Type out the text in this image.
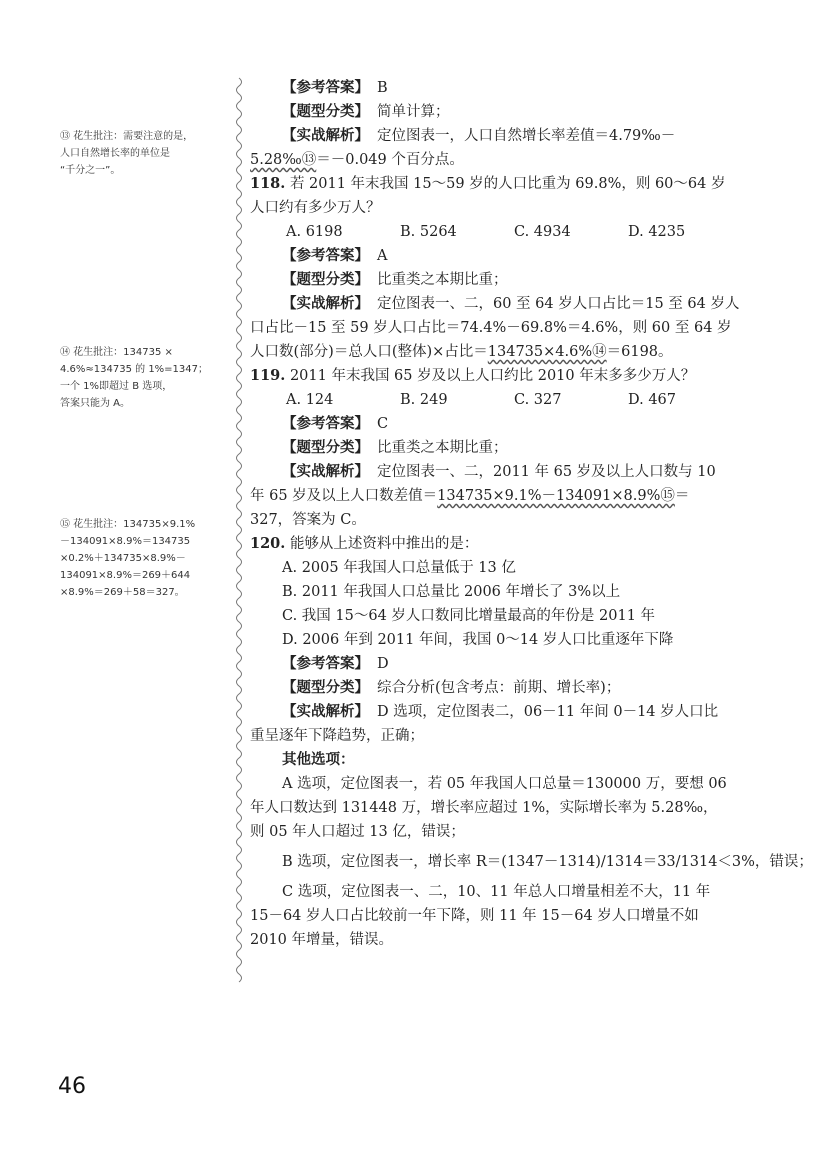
⑬ 花生批注：需要注意的是，
人口自然增长率的单位是
“千分之一”。
⑭ 花生批注：134735 ×
4.6%≈134735 的 1%=1347；
一个 1%即超过 B 选项，
答案只能为 A。
⑮ 花生批注：134735×9.1%
－134091×8.9%＝134735
×0.2%＋134735×8.9%－
134091×8.9%＝269＋644
×8.9%＝269＋58＝327。
【参考答案】 B
【题型分类】 简单计算；
【实战解析】 定位图表一，人口自然增长率差值＝4.79‰－
5.28‰⑬＝－0.049 个百分点。
118. 若 2011 年末我国 15～59 岁的人口比重为 69.8%，则 60～64 岁
人口约有多少万人？
A. 6198	B. 5264	C. 4934	D. 4235
【参考答案】 A
【题型分类】 比重类之本期比重；
【实战解析】 定位图表一、二，60 至 64 岁人口占比＝15 至 64 岁人
口占比－15 至 59 岁人口占比＝74.4%－69.8%＝4.6%，则 60 至 64 岁
人口数(部分)＝总人口(整体)×占比＝134735×4.6%⑭＝6198。
119. 2011 年末我国 65 岁及以上人口约比 2010 年末多多少万人？
A. 124	B. 249	C. 327	D. 467
【参考答案】 C
【题型分类】 比重类之本期比重；
【实战解析】 定位图表一、二，2011 年 65 岁及以上人口数与 10
年 65 岁及以上人口数差值＝134735×9.1%－134091×8.9%⑮＝
327，答案为 C。
120. 能够从上述资料中推出的是：
A. 2005 年我国人口总量低于 13 亿
B. 2011 年我国人口总量比 2006 年增长了 3%以上
C. 我国 15～64 岁人口数同比增量最高的年份是 2011 年
D. 2006 年到 2011 年间，我国 0～14 岁人口比重逐年下降
【参考答案】 D
【题型分类】 综合分析(包含考点：前期、增长率)；
【实战解析】 D 选项，定位图表二，06－11 年间 0－14 岁人口比
重呈逐年下降趋势，正确；
其他选项：
A 选项，定位图表一，若 05 年我国人口总量＝130000 万，要想 06
年人口数达到 131448 万，增长率应超过 1%，实际增长率为 5.28‰，
则 05 年人口超过 13 亿，错误；
B 选项，定位图表一，增长率 R＝(1347－1314)/1314＝33/1314＜3%，错误；
C 选项，定位图表一、二，10、11 年总人口增量相差不大，11 年
15－64 岁人口占比较前一年下降，则 11 年 15－64 岁人口增量不如
2010 年增量，错误。
46
